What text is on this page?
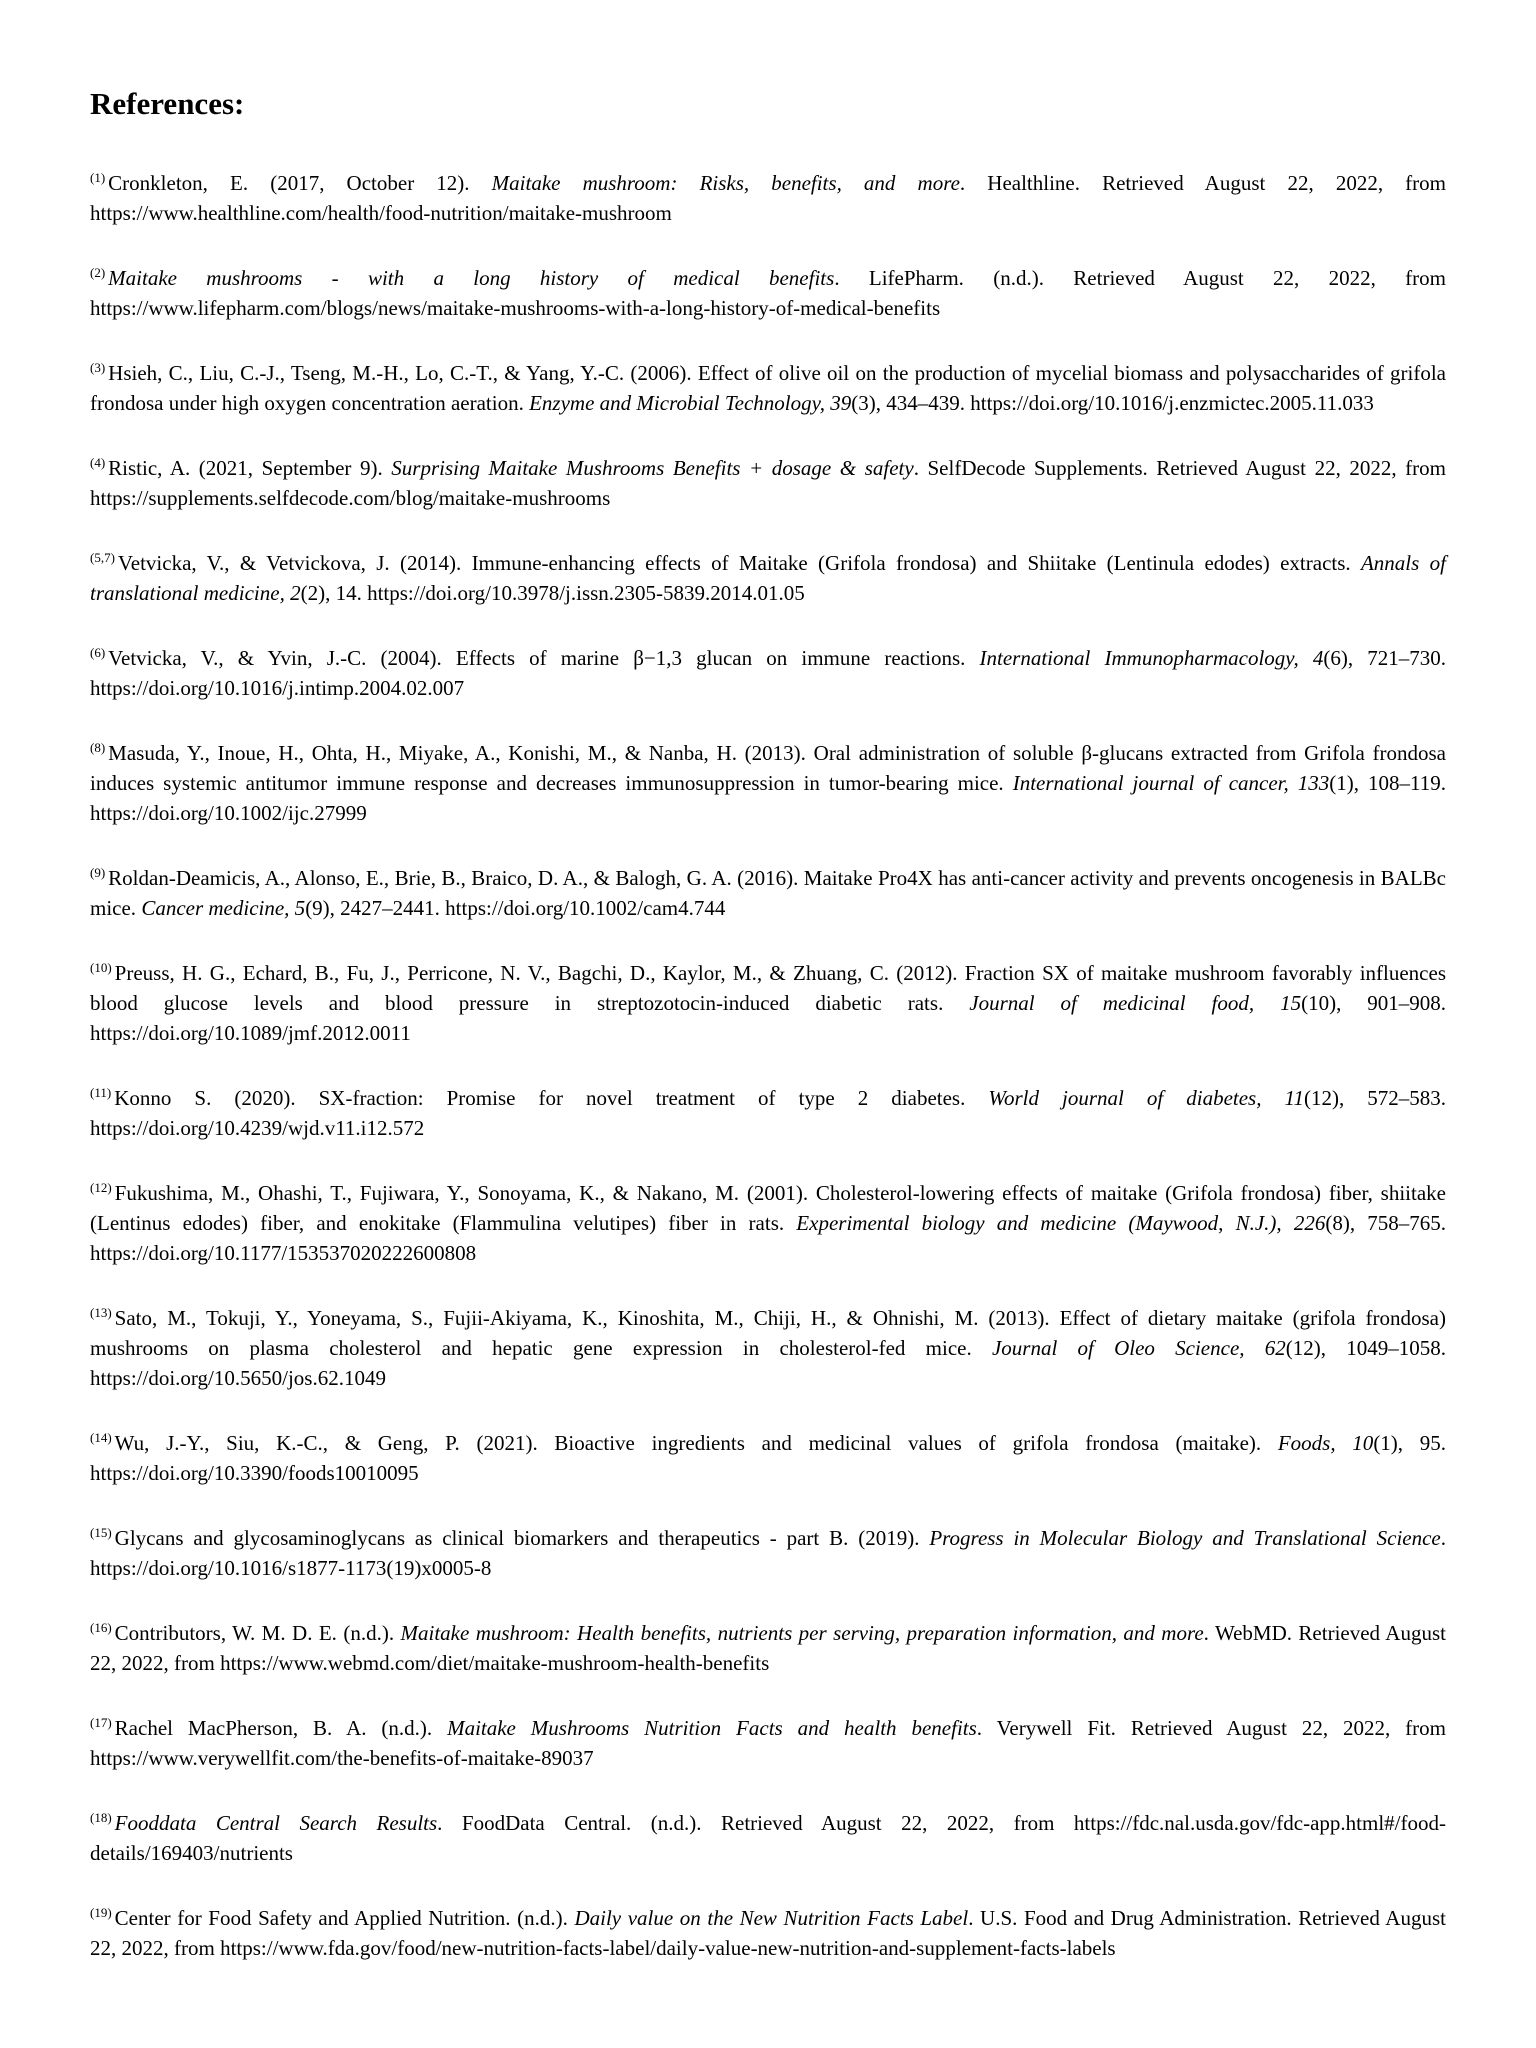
References:

$^{(1)}$ Cronkleton, E. (2017, October 12). Maitake mushroom: Risks, benefits, and more. Healthline. Retrieved August 22, 2022, from https://www.healthline.com/health/food-nutrition/maitake-mushroom

$^{(2)}$ Maitake mushrooms - with a long history of medical benefits. LifePharm. (n.d.). Retrieved August 22, 2022, from https://www.lifepharm.com/blogs/news/maitake-mushrooms-with-a-long-history-of-medical-benefits

$^{(3)}$ Hsieh, C., Liu, C.-J., Tseng, M.-H., Lo, C.-T., & Yang, Y.-C. (2006). Effect of olive oil on the production of mycelial biomass and polysaccharides of grifola frondosa under high oxygen concentration aeration. Enzyme and Microbial Technology, 39(3), 434–439. https://doi.org/10.1016/j.enzmictec.2005.11.033

$^{(4)}$ Ristic, A. (2021, September 9). Surprising Maitake Mushrooms Benefits + dosage & safety. SelfDecode Supplements. Retrieved August 22, 2022, from https://supplements.selfdecode.com/blog/maitake-mushrooms

$^{(5,7)}$ Vetvicka, V., & Vetvickova, J. (2014). Immune-enhancing effects of Maitake (Grifola frondosa) and Shiitake (Lentinula edodes) extracts. Annals of translational medicine, 2(2), 14. https://doi.org/10.3978/j.issn.2305-5839.2014.01.05

$^{(6)}$ Vetvicka, V., & Yvin, J.-C. (2004). Effects of marine β−1,3 glucan on immune reactions. International Immunopharmacology, 4(6), 721–730. https://doi.org/10.1016/j.intimp.2004.02.007

$^{(8)}$ Masuda, Y., Inoue, H., Ohta, H., Miyake, A., Konishi, M., & Nanba, H. (2013). Oral administration of soluble β-glucans extracted from Grifola frondosa induces systemic antitumor immune response and decreases immunosuppression in tumor-bearing mice. International journal of cancer, 133(1), 108–119. https://doi.org/10.1002/ijc.27999

$^{(9)}$ Roldan-Deamicis, A., Alonso, E., Brie, B., Braico, D. A., & Balogh, G. A. (2016). Maitake Pro4X has anti-cancer activity and prevents oncogenesis in BALBc mice. Cancer medicine, 5(9), 2427–2441. https://doi.org/10.1002/cam4.744

$^{(10)}$ Preuss, H. G., Echard, B., Fu, J., Perricone, N. V., Bagchi, D., Kaylor, M., & Zhuang, C. (2012). Fraction SX of maitake mushroom favorably influences blood glucose levels and blood pressure in streptozotocin-induced diabetic rats. Journal of medicinal food, 15(10), 901–908. https://doi.org/10.1089/jmf.2012.0011

$^{(11)}$ Konno S. (2020). SX-fraction: Promise for novel treatment of type 2 diabetes. World journal of diabetes, 11(12), 572–583. https://doi.org/10.4239/wjd.v11.i12.572

$^{(12)}$ Fukushima, M., Ohashi, T., Fujiwara, Y., Sonoyama, K., & Nakano, M. (2001). Cholesterol-lowering effects of maitake (Grifola frondosa) fiber, shiitake (Lentinus edodes) fiber, and enokitake (Flammulina velutipes) fiber in rats. Experimental biology and medicine (Maywood, N.J.), 226(8), 758–765. https://doi.org/10.1177/153537020222600808

$^{(13)}$ Sato, M., Tokuji, Y., Yoneyama, S., Fujii-Akiyama, K., Kinoshita, M., Chiji, H., & Ohnishi, M. (2013). Effect of dietary maitake (grifola frondosa) mushrooms on plasma cholesterol and hepatic gene expression in cholesterol-fed mice. Journal of Oleo Science, 62(12), 1049–1058. https://doi.org/10.5650/jos.62.1049

$^{(14)}$ Wu, J.-Y., Siu, K.-C., & Geng, P. (2021). Bioactive ingredients and medicinal values of grifola frondosa (maitake). Foods, 10(1), 95. https://doi.org/10.3390/foods10010095

$^{(15)}$ Glycans and glycosaminoglycans as clinical biomarkers and therapeutics - part B. (2019). Progress in Molecular Biology and Translational Science. https://doi.org/10.1016/s1877-1173(19)x0005-8

$^{(16)}$ Contributors, W. M. D. E. (n.d.). Maitake mushroom: Health benefits, nutrients per serving, preparation information, and more. WebMD. Retrieved August 22, 2022, from https://www.webmd.com/diet/maitake-mushroom-health-benefits

$^{(17)}$ Rachel MacPherson, B. A. (n.d.). Maitake Mushrooms Nutrition Facts and health benefits. Verywell Fit. Retrieved August 22, 2022, from https://www.verywellfit.com/the-benefits-of-maitake-89037

$^{(18)}$ Fooddata Central Search Results. FoodData Central. (n.d.). Retrieved August 22, 2022, from https://fdc.nal.usda.gov/fdc-app.html#/food-details/169403/nutrients

$^{(19)}$ Center for Food Safety and Applied Nutrition. (n.d.). Daily value on the New Nutrition Facts Label. U.S. Food and Drug Administration. Retrieved August 22, 2022, from https://www.fda.gov/food/new-nutrition-facts-label/daily-value-new-nutrition-and-supplement-facts-labels
